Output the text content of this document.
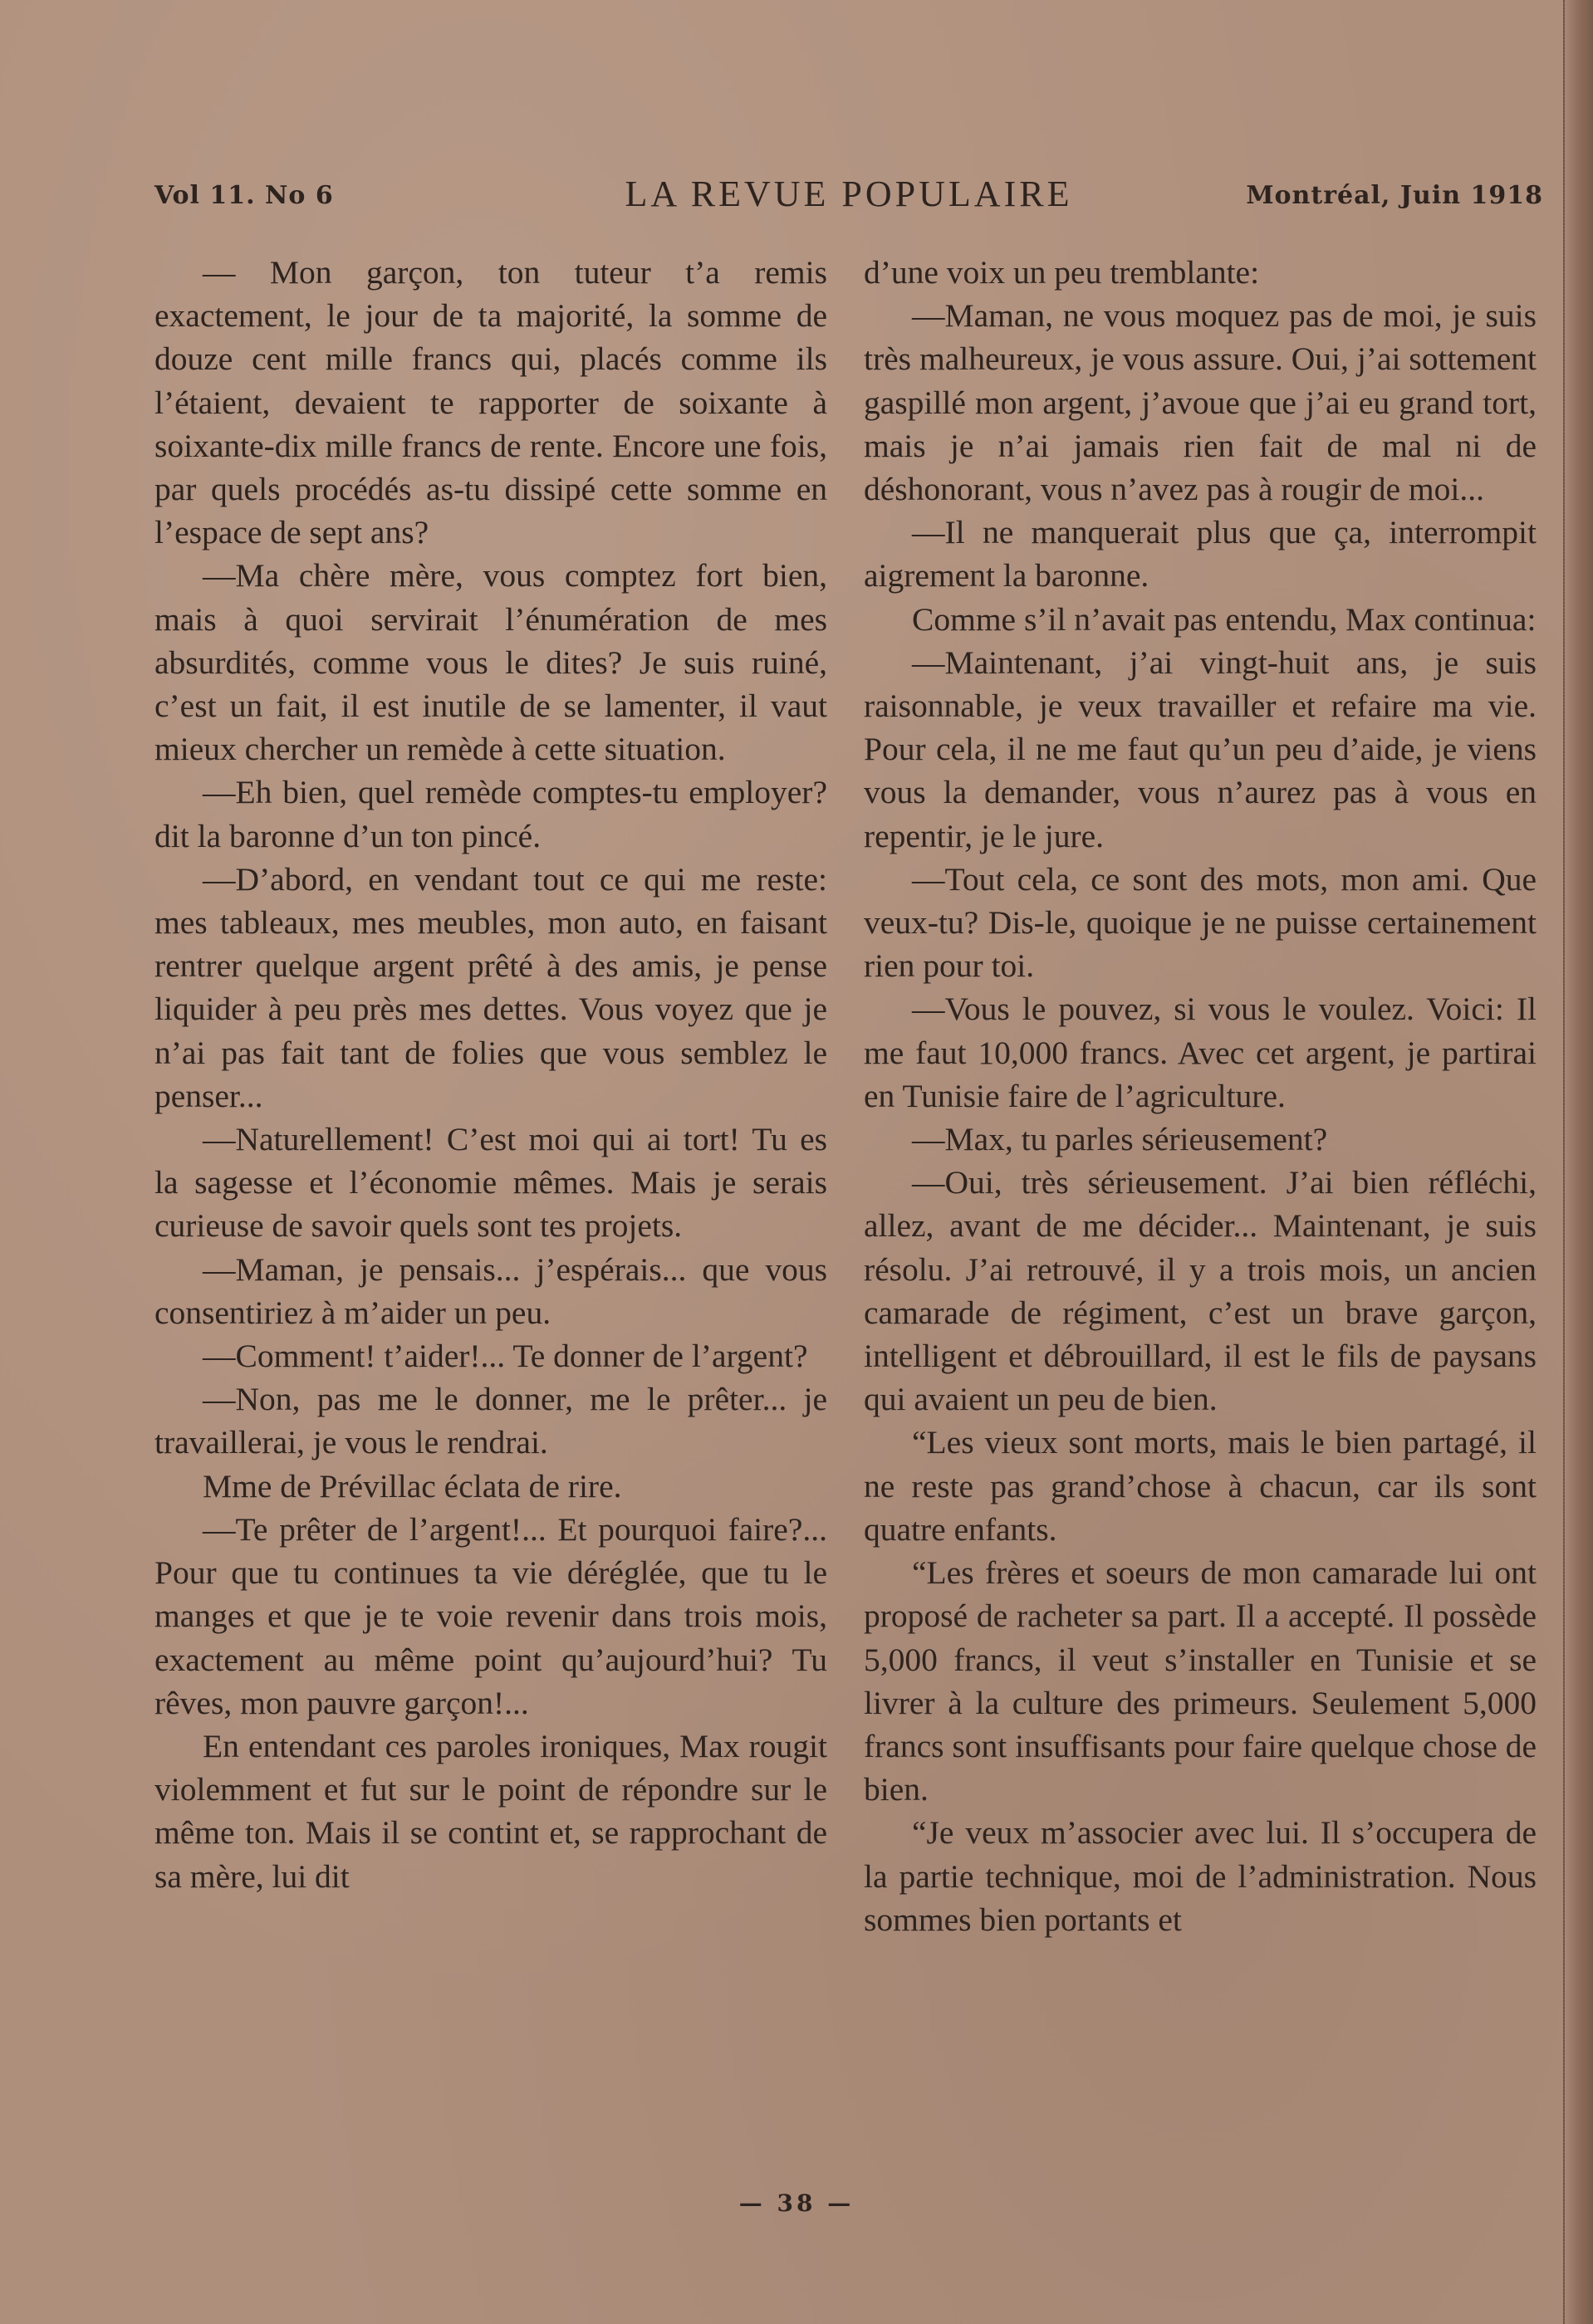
Vol 11. No 6	LA REVUE POPULAIRE	Montréal, Juin 1918

— Mon garçon, ton tuteur t’a remis exactement, le jour de ta majorité, la somme de douze cent mille francs qui, placés comme ils l’étaient, devaient te rapporter de soixante à soixante-dix mille francs de rente. Encore une fois, par quels procédés as-tu dissipé cette somme en l’espace de sept ans?

—Ma chère mère, vous comptez fort bien, mais à quoi servirait l’énumération de mes absurdités, comme vous le dites? Je suis ruiné, c’est un fait, il est inutile de se lamenter, il vaut mieux chercher un remède à cette situation.

—Eh bien, quel remède comptes-tu employer? dit la baronne d’un ton pincé.

—D’abord, en vendant tout ce qui me reste: mes tableaux, mes meubles, mon auto, en faisant rentrer quelque argent prêté à des amis, je pense liquider à peu près mes dettes. Vous voyez que je n’ai pas fait tant de folies que vous semblez le penser...

—Naturellement! C’est moi qui ai tort! Tu es la sagesse et l’économie mêmes. Mais je serais curieuse de savoir quels sont tes projets.

—Maman, je pensais... j’espérais... que vous consentiriez à m’aider un peu.

—Comment! t’aider!... Te donner de l’argent?

—Non, pas me le donner, me le prêter... je travaillerai, je vous le rendrai.

Mme de Prévillac éclata de rire.

—Te prêter de l’argent!... Et pourquoi faire?... Pour que tu continues ta vie déréglée, que tu le manges et que je te voie revenir dans trois mois, exactement au même point qu’aujourd’hui? Tu rêves, mon pauvre garçon!...

En entendant ces paroles ironiques, Max rougit violemment et fut sur le point de répondre sur le même ton. Mais il se contint et, se rapprochant de sa mère, lui dit

d’une voix un peu tremblante:

—Maman, ne vous moquez pas de moi, je suis très malheureux, je vous assure. Oui, j’ai sottement gaspillé mon argent, j’avoue que j’ai eu grand tort, mais je n’ai jamais rien fait de mal ni de déshonorant, vous n’avez pas à rougir de moi...

—Il ne manquerait plus que ça, interrompit aigrement la baronne.

Comme s’il n’avait pas entendu, Max continua:

—Maintenant, j’ai vingt-huit ans, je suis raisonnable, je veux travailler et refaire ma vie. Pour cela, il ne me faut qu’un peu d’aide, je viens vous la demander, vous n’aurez pas à vous en repentir, je le jure.

—Tout cela, ce sont des mots, mon ami. Que veux-tu? Dis-le, quoique je ne puisse certainement rien pour toi.

—Vous le pouvez, si vous le voulez. Voici: Il me faut 10,000 francs. Avec cet argent, je partirai en Tunisie faire de l’agriculture.

—Max, tu parles sérieusement?

—Oui, très sérieusement. J’ai bien réfléchi, allez, avant de me décider... Maintenant, je suis résolu. J’ai retrouvé, il y a trois mois, un ancien camarade de régiment, c’est un brave garçon, intelligent et débrouillard, il est le fils de paysans qui avaient un peu de bien.

“Les vieux sont morts, mais le bien partagé, il ne reste pas grand’chose à chacun, car ils sont quatre enfants.

“Les frères et soeurs de mon camarade lui ont proposé de racheter sa part. Il a accepté. Il possède 5,000 francs, il veut s’installer en Tunisie et se livrer à la culture des primeurs. Seulement 5,000 francs sont insuffisants pour faire quelque chose de bien.

“Je veux m’associer avec lui. Il s’occupera de la partie technique, moi de l’administration. Nous sommes bien portants et

— 38 —
